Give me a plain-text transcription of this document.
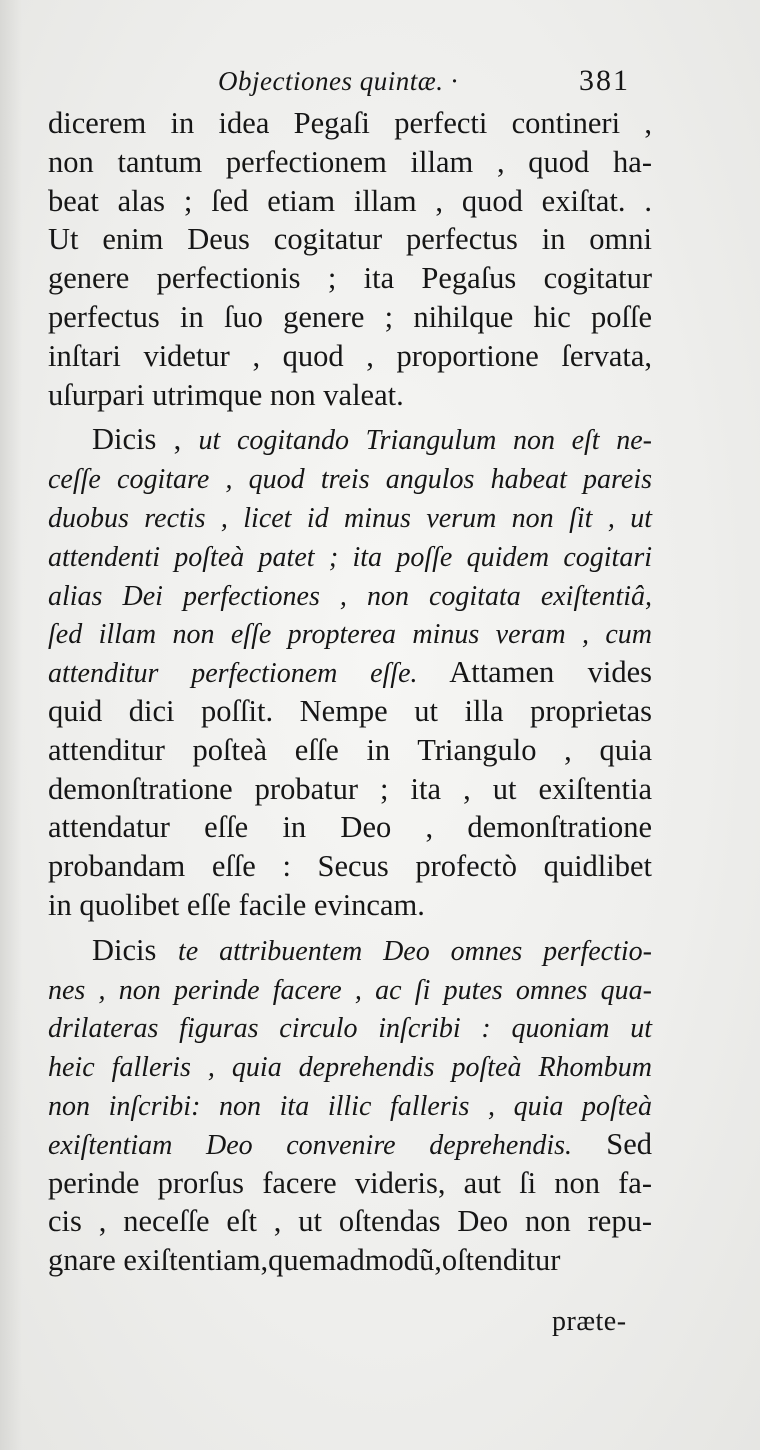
Objectiones quintæ. ·	381
dicerem in idea Pegaſi perfecti contineri ,
non tantum perfectionem illam , quod ha-
beat alas ; ſed etiam illam , quod exiſtat. .
Ut enim Deus cogitatur perfectus in omni
genere perfectionis ; ita Pegaſus cogitatur
perfectus in ſuo genere ; nihilque hic poſſe
inſtari videtur , quod , proportione ſervata,
uſurpari utrimque non valeat.
Dicis , ut cogitando Triangulum non eſt ne-
ceſſe cogitare , quod treis angulos habeat pareis
duobus rectis , licet id minus verum non ſit , ut
attendenti poſteà patet ; ita poſſe quidem cogitari
alias Dei perfectiones , non cogitata exiſtentiâ,
ſed illam non eſſe propterea minus veram , cum
attenditur perfectionem eſſe. Attamen vides
quid dici poſſit. Nempe ut illa proprietas
attenditur poſteà eſſe in Triangulo , quia
demonſtratione probatur ; ita , ut exiſtentia
attendatur eſſe in Deo , demonſtratione
probandam eſſe : Secus profectò quidlibet
in quolibet eſſe facile evincam.
Dicis te attribuentem Deo omnes perfectio-
nes , non perinde facere , ac ſi putes omnes qua-
drilateras figuras circulo inſcribi : quoniam ut
heic falleris , quia deprehendis poſteà Rhombum
non inſcribi: non ita illic falleris , quia poſteà
exiſtentiam Deo convenire deprehendis. Sed
perinde prorſus facere videris, aut ſi non fa-
cis , neceſſe eſt , ut oſtendas Deo non repu-
gnare exiſtentiam,quemadmodũ,oſtenditur
præte-
